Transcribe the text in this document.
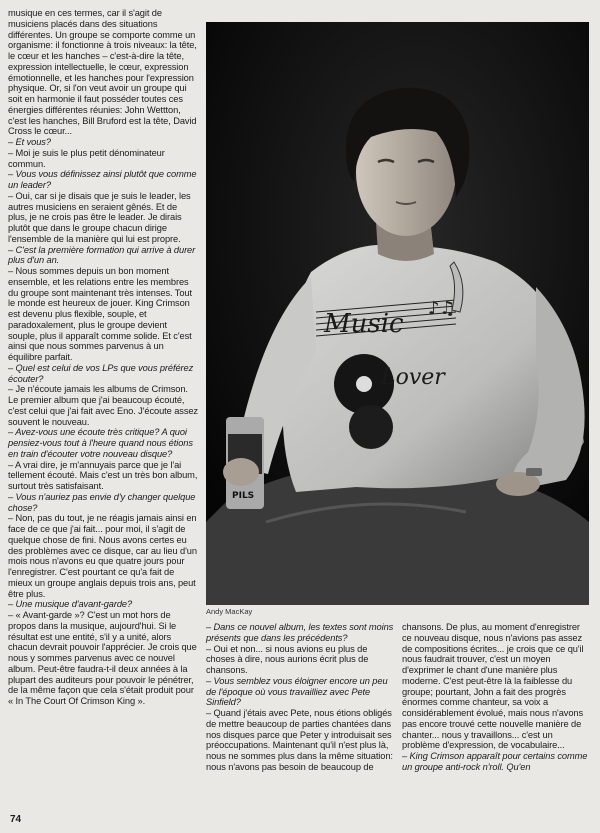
musique en ces termes, car il s'agit de musiciens placés dans des situations différentes. Un groupe se comporte comme un organisme: il fonctionne à trois niveaux: la tête, le cœur et les hanches – c'est-à-dire la tête, expression intellectuelle, le cœur, expression émotionnelle, et les hanches pour l'expression physique. Or, si l'on veut avoir un groupe qui soit en harmonie il faut posséder toutes ces énergies différentes réunies: John Wettton, c'est les hanches, Bill Bruford est la tête, David Cross le cœur...

– Et vous?

– Moi je suis le plus petit dénominateur commun.

– Vous vous définissez ainsi plutôt que comme un leader?

– Oui, car si je disais que je suis le leader, les autres musiciens en seraient gênés. Et de plus, je ne crois pas être le leader. Je dirais plutôt que dans le groupe chacun dirige l'ensemble de la manière qui lui est propre.

– C'est la première formation qui arrive à durer plus d'un an.

– Nous sommes depuis un bon moment ensemble, et les relations entre les membres du groupe sont maintenant très intenses. Tout le monde est heureux de jouer. King Crimson est devenu plus flexible, souple, et paradoxalement, plus le groupe devient souple, plus il apparaît comme solide. Et c'est ainsi que nous sommes parvenus à un équilibre parfait.

– Quel est celui de vos LPs que vous préférez écouter?

– Je n'écoute jamais les albums de Crimson. Le premier album que j'ai beaucoup écouté, c'est celui que j'ai fait avec Eno. J'écoute assez souvent le nouveau.

– Avez-vous une écoute très critique? A quoi pensiez-vous tout à l'heure quand nous étions en train d'écouter votre nouveau disque?

– A vrai dire, je m'annuyais parce que je l'ai tellement écouté. Mais c'est un très bon album, surtout très satisfaisant.

– Vous n'auriez pas envie d'y changer quelque chose?

– Non, pas du tout, je ne réagis jamais ainsi en face de ce que j'ai fait... pour moi, il s'agit de quelque chose de fini. Nous avons certes eu des problèmes avec ce disque, car au lieu d'un mois nous n'avons eu que quatre jours pour l'enregistrer. C'est pourtant ce qu'a fait de mieux un groupe anglais depuis trois ans, peut être plus.

– Une musique d'avant-garde?

– « Avant-garde »? C'est un mot hors de propos dans la musique, aujourd'hui. Si le résultat est une entité, s'il y a unité, alors chacun devrait pouvoir l'apprécier. Je crois que nous y sommes parvenus avec ce nouvel album. Peut-être faudra-t-il deux années à la plupart des auditeurs pour pouvoir le pénétrer, de la même façon que cela s'était produit pour « In The Court Of Crimson King ».

Music
Lover
♪♫
PILS
Andy MacKay

– Dans ce nouvel album, les textes sont moins présents que dans les précédents?

– Oui et non... si nous avions eu plus de choses à dire, nous aurions écrit plus de chansons.

– Vous semblez vous éloigner encore un peu de l'époque où vous travailliez avec Pete Sinfield?

– Quand j'étais avec Pete, nous étions obligés de mettre beaucoup de parties chantées dans nos disques parce que Peter y introduisait ses préoccupations. Maintenant qu'il n'est plus là, nous ne sommes plus dans la même situation: nous n'avons pas besoin de beaucoup de

chansons. De plus, au moment d'enregistrer ce nouveau disque, nous n'avions pas assez de compositions écrites... je crois que ce qu'il nous faudrait trouver, c'est un moyen d'exprimer le chant d'une manière plus moderne. C'est peut-être là la faiblesse du groupe; pourtant, John a fait des progrès énormes comme chanteur, sa voix a considérablement évolué, mais nous n'avons pas encore trouvé cette nouvelle manière de chanter... nous y travaillons... c'est un problème d'expression, de vocabulaire...

– King Crimson apparaît pour certains comme un groupe anti-rock n'roll. Qu'en

74
